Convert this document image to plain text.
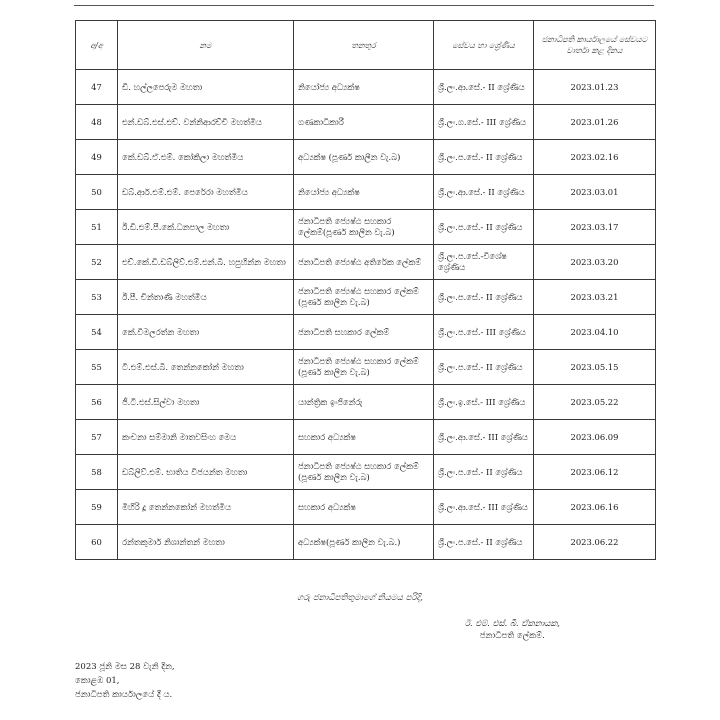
අ/අ	නම	තනතුර	සේවය හා ශ්‍රේණිය	ජනාධිපති කාර්යාලයේ සේවයට වාර්තා කළ දිනය
47	ඩී. හල්ලපෙරුම මහතා	නියෝජ්‍ය අධ්‍යක්ෂ	ශ්‍රී.ලං.ආ.සේ.- II ශ්‍රේණිය	2023.01.23
48	එන්.ඩබ්.එස්.එච්. වන්නිආරච්චි මහත්මිය	ගණකාධිකාරී	ශ්‍රී.ලං.ග.සේ.- III ශ්‍රේණිය	2023.01.26
49	කේ.ඩබ්.ඒ.එම්. කෝකිලා මහත්මිය	අධ්‍යක්ෂ (පූර්ණ කාලීන වැ.බ)	ශ්‍රී.ලං.ප.සේ.- II ශ්‍රේණිය	2023.02.16
50	ඩබ්.ආර්.එම්.එම්. පෙරේරා මහත්මිය	නියෝජ්‍ය අධ්‍යක්ෂ	ශ්‍රී.ලං.ආ.සේ.- II ශ්‍රේණිය	2023.03.01
51	ඊ.ඩී.එම්.පී.කේ.ධනපාල මහතා	ජනාධිපති ජ්‍යෙෂ්ඨ සහකාර ලේකම්(පූර්ණ කාලීන වැ.බ)	ශ්‍රී.ලං.ප.සේ.- II ශ්‍රේණිය	2023.03.17
52	එච්.කේ.ඩී.ඩබ්ලිව්.එම්.එන්.බී. හපුහින්න මහතා	ජනාධිපති ජ්‍යෙෂ්ඨ අතිරේක ලේකම්	ශ්‍රී.ලං.ප.සේ.-විශේෂ ශ්‍රේණිය	2023.03.20
53	ඊ.පී. චින්තාණි මහත්මිය	ජනාධිපති ජ්‍යෙෂ්ඨ සහකාර ලේකම් (පූර්ණ කාලීන වැ.බ)	ශ්‍රී.ලං.ප.සේ.- II ශ්‍රේණිය	2023.03.21
54	කේ.විමලරත්න මහතා	ජනාධිපති සහකාර ලේකම්	ශ්‍රී.ලං.ප.සේ.- III ශ්‍රේණිය	2023.04.10
55	ටී.එම්.එස්.බී. තෙන්නකෝන් මහතා	ජනාධිපති ජ්‍යෙෂ්ඨ සහකාර ලේකම් (පූර්ණ කාලීන වැ.බ)	ශ්‍රී.ලං.ප.සේ.- II ශ්‍රේණිය	2023.05.15
56	ජී.ටී.එස්.සිල්වා මහතා	යාන්ත්‍රික ඉංජිනේරු	ශ්‍රී.ලං.ඉ.සේ.- III ශ්‍රේණිය	2023.05.22
57	කංචනා සම්මානි මාතවසිංහ මෙය	සහකාර අධ්‍යක්ෂ	ශ්‍රී.ලං.ආ.සේ.- III ශ්‍රේණිය	2023.06.09
58	ඩබ්ලිව්.එම්. භාතිය විජයන්ත මහතා	ජනාධිපති ජ්‍යෙෂ්ඨ සහකාර ලේකම් (පූර්ණ කාලීන වැ.බ)	ශ්‍රී.ලං.ප.සේ.- II ශ්‍රේණිය	2023.06.12
59	මිහිරි දූ තෙන්නකෝන් මහත්මිය	සහකාර අධ්‍යක්ෂ	ශ්‍රී.ලං.ආ.සේ.- III ශ්‍රේණිය	2023.06.16
60	රන්තකුමාර් නිශාන්තන් මහතා	අධ්‍යක්ෂ(පූර්ණ කාලීන වැ.බ.)	ශ්‍රී.ලං.ප.සේ.- II ශ්‍රේණිය	2023.06.22
ගරු ජනාධිපතිතුමාගේ නියමය පරිදි,
ඊ. එම්. එස්. බී. ඒකනායක,
ජනාධිපති ලේකම්.
2023 ජූනි මස 28 වැනි දින,
කොළඹ 01,
ජනාධිපති කාර්යාලයේ දී ය.
